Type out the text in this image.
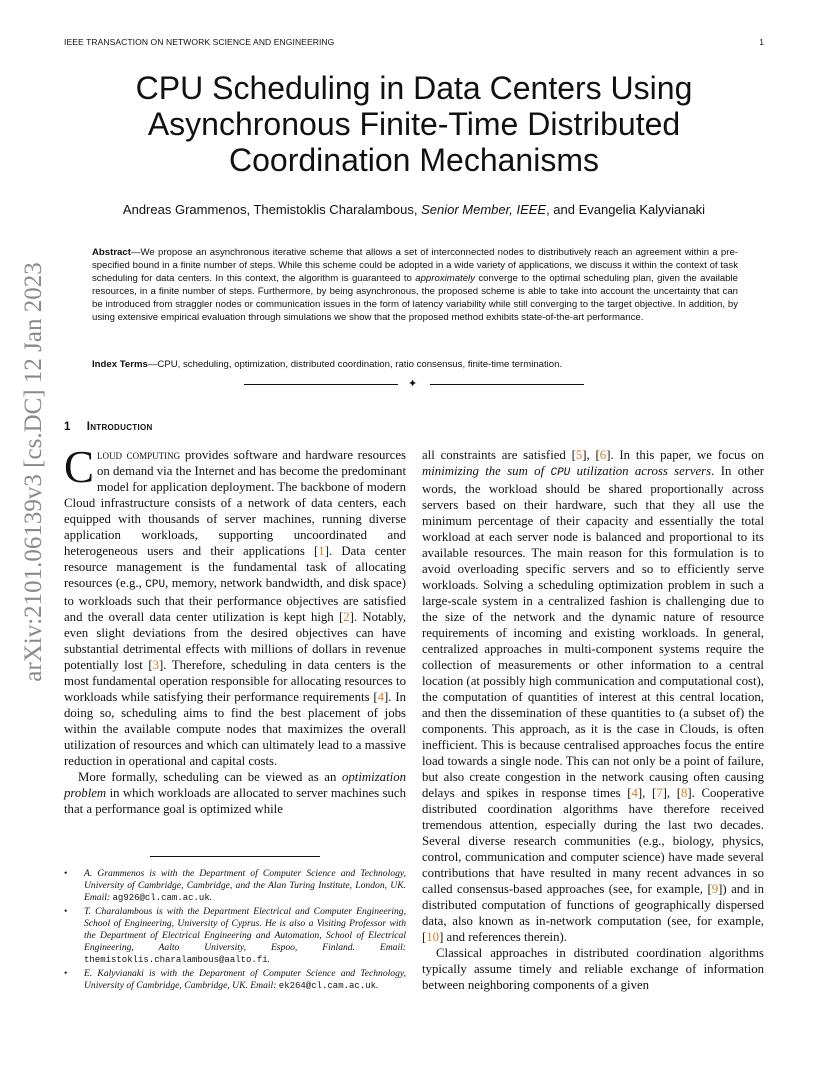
IEEE TRANSACTION ON NETWORK SCIENCE AND ENGINEERING	1
arXiv:2101.06139v3 [cs.DC] 12 Jan 2023
CPU Scheduling in Data Centers Using
Asynchronous Finite-Time Distributed
Coordination Mechanisms
Andreas Grammenos, Themistoklis Charalambous, Senior Member, IEEE, and Evangelia Kalyvianaki
Abstract—We propose an asynchronous iterative scheme that allows a set of interconnected nodes to distributively reach an agreement within a pre-specified bound in a finite number of steps. While this scheme could be adopted in a wide variety of applications, we discuss it within the context of task scheduling for data centers. In this context, the algorithm is guaranteed to approximately converge to the optimal scheduling plan, given the available resources, in a finite number of steps. Furthermore, by being asynchronous, the proposed scheme is able to take into account the uncertainty that can be introduced from straggler nodes or communication issues in the form of latency variability while still converging to the target objective. In addition, by using extensive empirical evaluation through simulations we show that the proposed method exhibits state-of-the-art performance.
Index Terms—CPU, scheduling, optimization, distributed coordination, ratio consensus, finite-time termination.
✦
1 Introduction

Cloud computing provides software and hardware resources on demand via the Internet and has become the predominant model for application deployment. The backbone of modern Cloud infrastructure consists of a network of data centers, each equipped with thousands of server machines, running diverse application workloads, supporting uncoordinated and heterogeneous users and their applications [1]. Data center resource management is the fundamental task of allocating resources (e.g., CPU, memory, network bandwidth, and disk space) to workloads such that their performance objectives are satisfied and the overall data center utilization is kept high [2]. Notably, even slight deviations from the desired objectives can have substantial detrimental effects with millions of dollars in revenue potentially lost [3]. Therefore, scheduling in data centers is the most fundamental operation responsible for allocating resources to workloads while satisfying their performance requirements [4]. In doing so, scheduling aims to find the best placement of jobs within the available compute nodes that maximizes the overall utilization of resources and which can ultimately lead to a massive reduction in operational and capital costs.

More formally, scheduling can be viewed as an optimization problem in which workloads are allocated to server machines such that a performance goal is optimized while

• A. Grammenos is with the Department of Computer Science and Technology, University of Cambridge, Cambridge, and the Alan Turing Institute, London, UK. Email: ag926@cl.cam.ac.uk.
• T. Charalambous is with the Department Electrical and Computer Engineering, School of Engineering, University of Cyprus. He is also a Visiting Professor with the Department of Electrical Engineering and Automation, School of Electrical Engineering, Aalto University, Espoo, Finland. Email: themistoklis.charalambous@aalto.fi.
• E. Kalyvianaki is with the Department of Computer Science and Technology, University of Cambridge, Cambridge, UK. Email: ek264@cl.cam.ac.uk.

all constraints are satisfied [5], [6]. In this paper, we focus on minimizing the sum of CPU utilization across servers. In other words, the workload should be shared proportionally across servers based on their hardware, such that they all use the minimum percentage of their capacity and essentially the total workload at each server node is balanced and proportional to its available resources. The main reason for this formulation is to avoid overloading specific servers and so to efficiently serve workloads. Solving a scheduling optimization problem in such a large-scale system in a centralized fashion is challenging due to the size of the network and the dynamic nature of resource requirements of incoming and existing workloads. In general, centralized approaches in multi-component systems require the collection of measurements or other information to a central location (at possibly high communication and computational cost), the computation of quantities of interest at this central location, and then the dissemination of these quantities to (a subset of) the components. This approach, as it is the case in Clouds, is often inefficient. This is because centralised approaches focus the entire load towards a single node. This can not only be a point of failure, but also create congestion in the network causing often causing delays and spikes in response times [4], [7], [8]. Cooperative distributed coordination algorithms have therefore received tremendous attention, especially during the last two decades. Several diverse research communities (e.g., biology, physics, control, communication and computer science) have made several contributions that have resulted in many recent advances in so called consensus-based approaches (see, for example, [9]) and in distributed computation of functions of geographically dispersed data, also known as in-network computation (see, for example, [10] and references therein).

Classical approaches in distributed coordination algorithms typically assume timely and reliable exchange of information between neighboring components of a given
